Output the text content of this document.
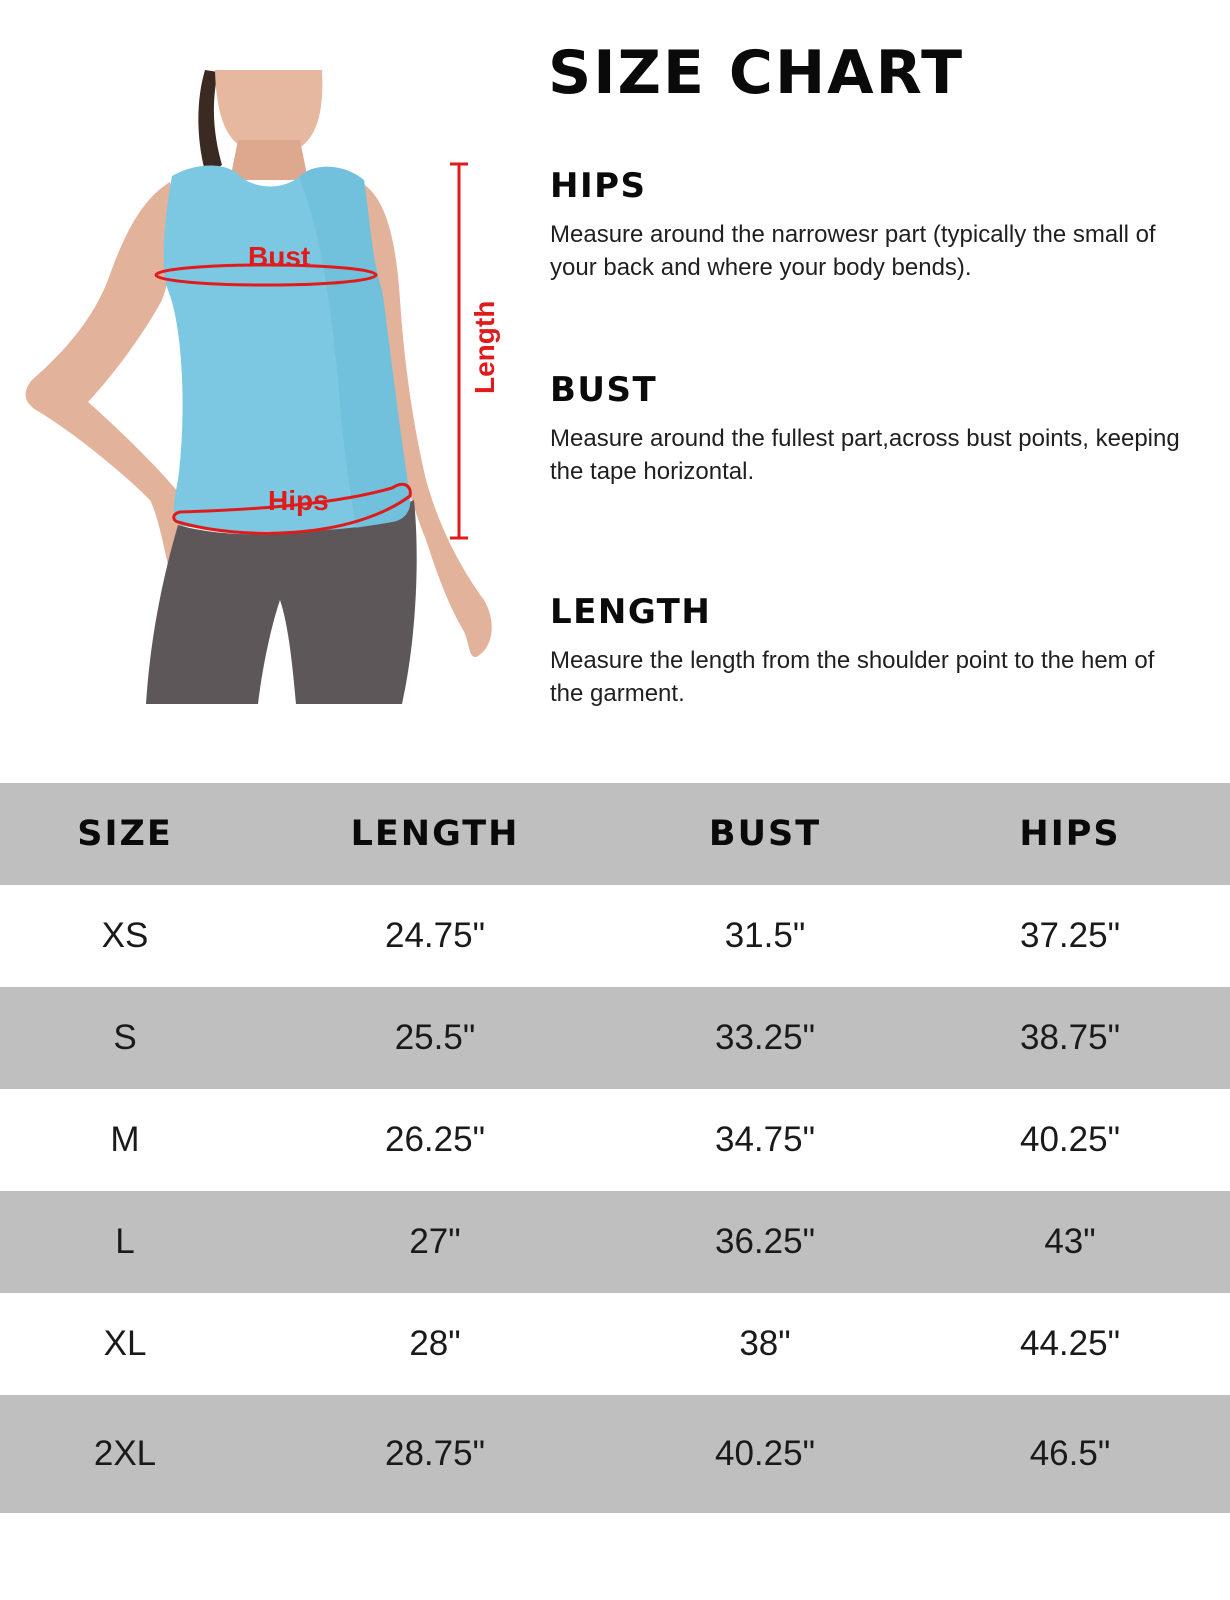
Bust
Hips
Length
SIZE CHART
HIPS

Measure around the narrowesr part (typically the small of your back and where your body bends).

BUST

Measure around the fullest part,across bust points, keeping the tape horizontal.

LENGTH

Measure the length from the shoulder point to the hem of the garment.

SIZE	LENGTH	BUST	HIPS
XS	24.75"	31.5"	37.25"
S	25.5"	33.25"	38.75"
M	26.25"	34.75"	40.25"
L	27"	36.25"	43"
XL	28"	38"	44.25"
2XL	28.75"	40.25"	46.5"
